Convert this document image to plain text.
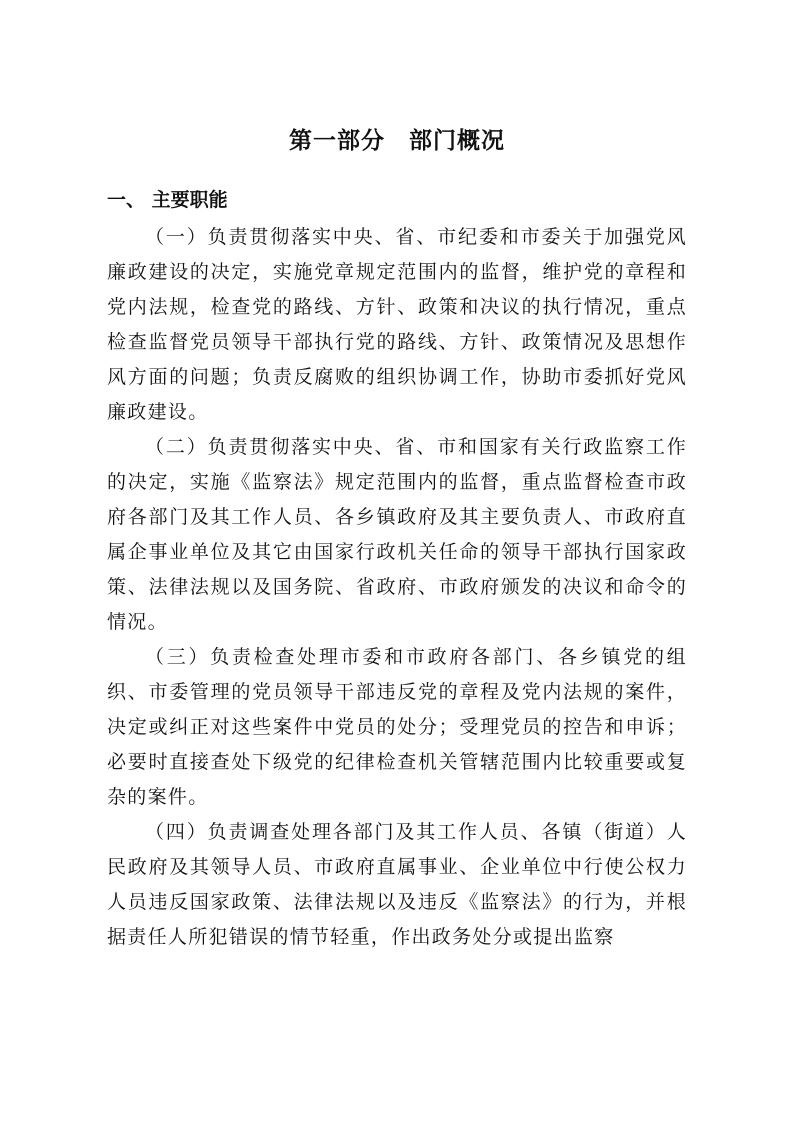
第一部分　部门概况
一、 主要职能

（一）负责贯彻落实中央、省、市纪委和市委关于加强党风廉政建设的决定，实施党章规定范围内的监督，维护党的章程和党内法规，检查党的路线、方针、政策和决议的执行情况，重点检查监督党员领导干部执行党的路线、方针、政策情况及思想作风方面的问题；负责反腐败的组织协调工作，协助市委抓好党风廉政建设。

（二）负责贯彻落实中央、省、市和国家有关行政监察工作的决定，实施《监察法》规定范围内的监督，重点监督检查市政府各部门及其工作人员、各乡镇政府及其主要负责人、市政府直属企事业单位及其它由国家行政机关任命的领导干部执行国家政策、法律法规以及国务院、省政府、市政府颁发的决议和命令的情况。

（三）负责检查处理市委和市政府各部门、各乡镇党的组织、市委管理的党员领导干部违反党的章程及党内法规的案件，决定或纠正对这些案件中党员的处分；受理党员的控告和申诉；必要时直接查处下级党的纪律检查机关管辖范围内比较重要或复杂的案件。

（四）负责调查处理各部门及其工作人员、各镇（街道）人民政府及其领导人员、市政府直属事业、企业单位中行使公权力人员违反国家政策、法律法规以及违反《监察法》的行为，并根据责任人所犯错误的情节轻重，作出政务处分或提出监察
